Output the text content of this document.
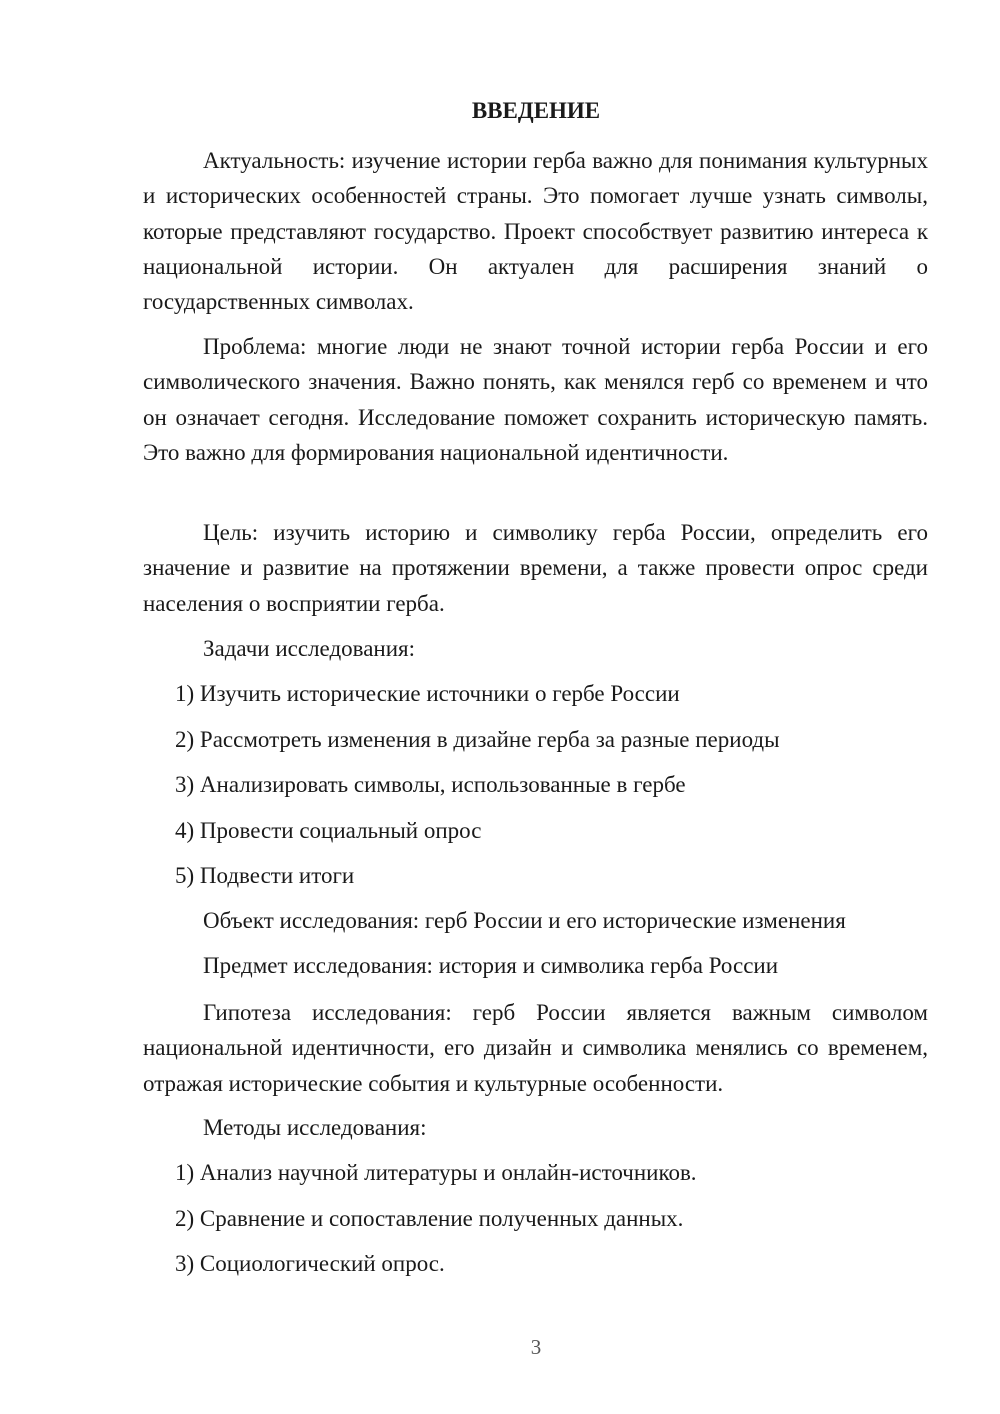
ВВЕДЕНИЕ

Актуальность: изучение истории герба важно для понимания культурных и исторических особенностей страны. Это помогает лучше узнать символы, которые представляют государство. Проект способствует развитию интереса к национальной истории. Он актуален для расширения знаний о государственных символах.

Проблема: многие люди не знают точной истории герба России и его символического значения. Важно понять, как менялся герб со временем и что он означает сегодня. Исследование поможет сохранить историческую память. Это важно для формирования национальной идентичности.

Цель: изучить историю и символику герба России, определить его значение и развитие на протяжении времени, а также провести опрос среди населения о восприятии герба.

Задачи исследования:
1) Изучить исторические источники о гербе России
2) Рассмотреть изменения в дизайне герба за разные периоды
3) Анализировать символы, использованные в гербе
4) Провести социальный опрос
5) Подвести итоги
Объект исследования: герб России и его исторические изменения
Предмет исследования: история и символика герба России

Гипотеза исследования: герб России является важным символом национальной идентичности, его дизайн и символика менялись со временем, отражая исторические события и культурные особенности.

Методы исследования:
1) Анализ научной литературы и онлайн-источников.
2) Сравнение и сопоставление полученных данных.
3) Социологический опрос.
3
